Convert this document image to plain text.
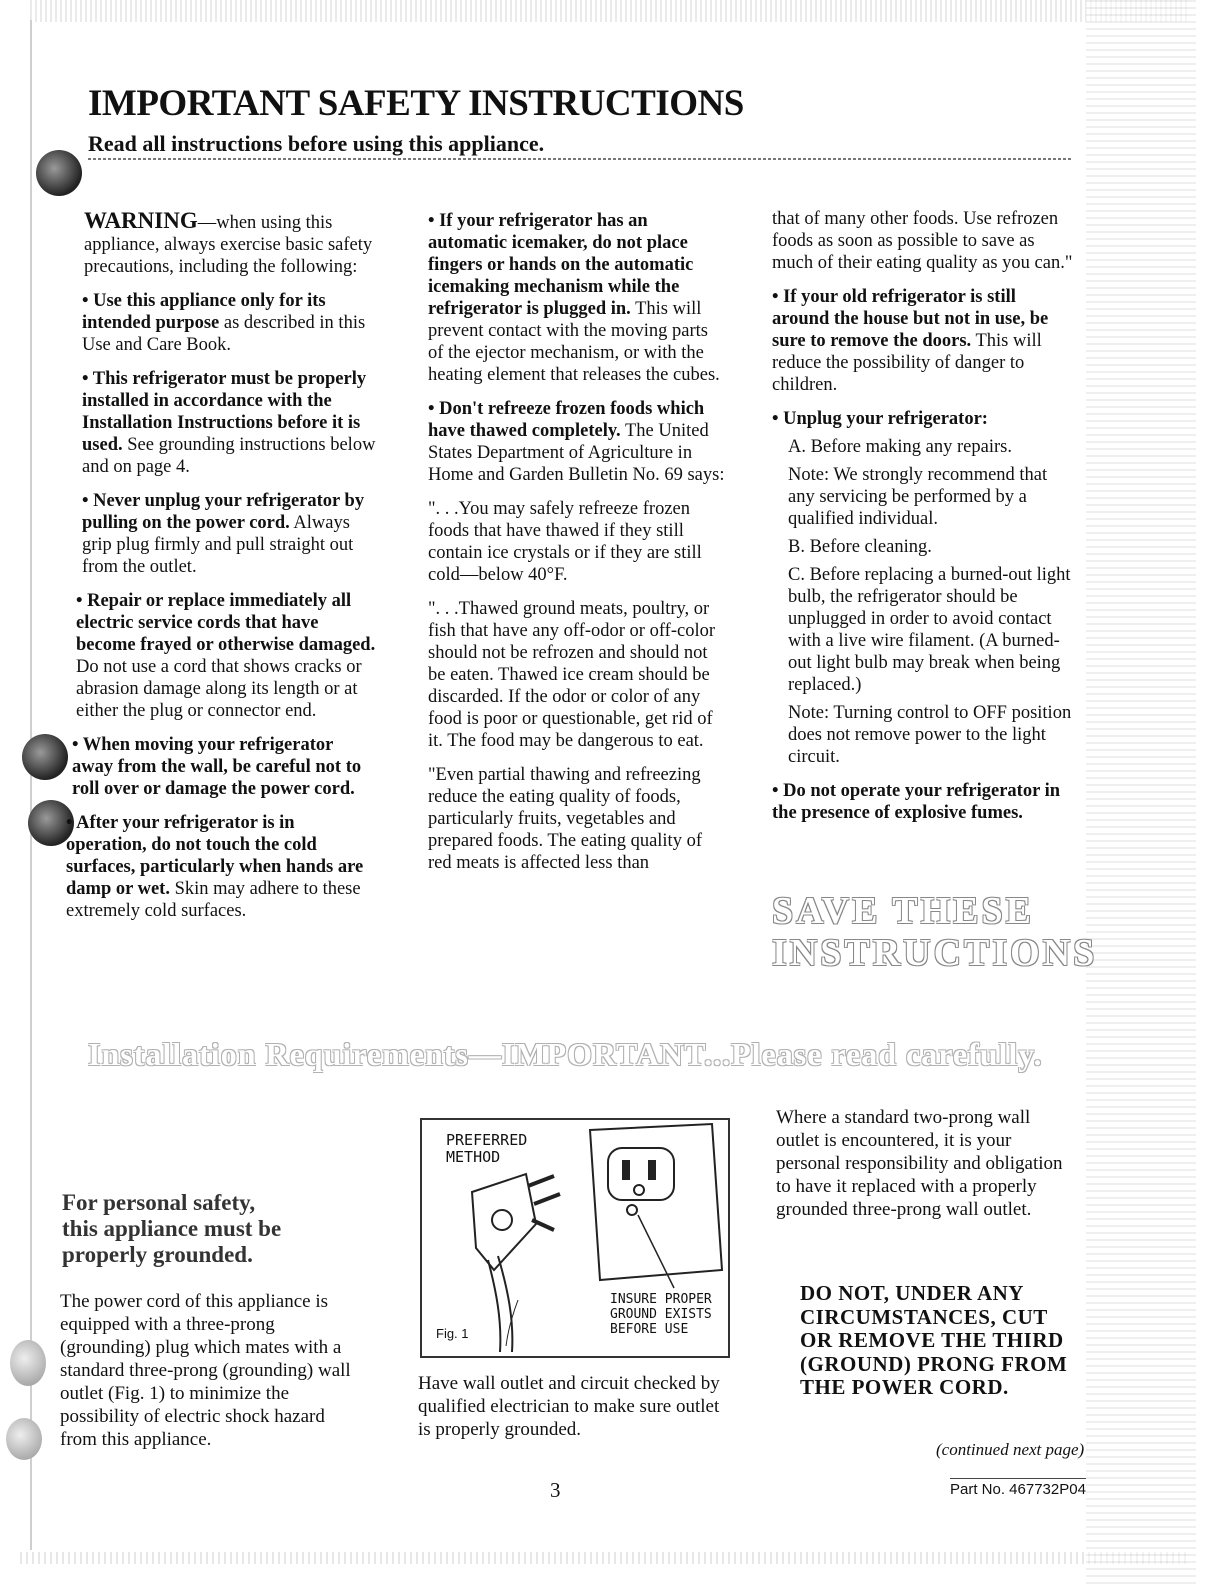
IMPORTANT SAFETY INSTRUCTIONS
Read all instructions before using this appliance.

WARNING—when using this appliance, always exercise basic safety precautions, including the following:

• Use this appliance only for its intended purpose as described in this Use and Care Book.

• This refrigerator must be properly installed in accordance with the Installation Instructions before it is used. See grounding instructions below and on page 4.

• Never unplug your refrigerator by pulling on the power cord. Always grip plug firmly and pull straight out from the outlet.

• Repair or replace immediately all electric service cords that have become frayed or otherwise damaged. Do not use a cord that shows cracks or abrasion damage along its length or at either the plug or connector end.

• When moving your refrigerator away from the wall, be careful not to roll over or damage the power cord.

• After your refrigerator is in operation, do not touch the cold surfaces, particularly when hands are damp or wet. Skin may adhere to these extremely cold surfaces.

• If your refrigerator has an automatic icemaker, do not place fingers or hands on the automatic icemaking mechanism while the refrigerator is plugged in. This will prevent contact with the moving parts of the ejector mechanism, or with the heating element that releases the cubes.

• Don't refreeze frozen foods which have thawed completely. The United States Department of Agriculture in Home and Garden Bulletin No. 69 says:

". . .You may safely refreeze frozen foods that have thawed if they still contain ice crystals or if they are still cold—below 40°F.

". . .Thawed ground meats, poultry, or fish that have any off-odor or off-color should not be refrozen and should not be eaten. Thawed ice cream should be discarded. If the odor or color of any food is poor or questionable, get rid of it. The food may be dangerous to eat.

"Even partial thawing and refreezing reduce the eating quality of foods, particularly fruits, vegetables and prepared foods. The eating quality of red meats is affected less than

that of many other foods. Use refrozen foods as soon as possible to save as much of their eating quality as you can."

• If your old refrigerator is still around the house but not in use, be sure to remove the doors. This will reduce the possibility of danger to children.

• Unplug your refrigerator:

A. Before making any repairs.

Note: We strongly recommend that any servicing be performed by a qualified individual.

B. Before cleaning.

C. Before replacing a burned-out light bulb, the refrigerator should be unplugged in order to avoid contact with a live wire filament. (A burned-out light bulb may break when being replaced.)

Note: Turning control to OFF position does not remove power to the light circuit.

• Do not operate your refrigerator in the presence of explosive fumes.

SAVE THESE
INSTRUCTIONS
Installation Requirements—IMPORTANT...Please read carefully.
For personal safety,
this appliance must be
properly grounded.
The power cord of this appliance is equipped with a three-prong (grounding) plug which mates with a standard three-prong (grounding) wall outlet (Fig. 1) to minimize the possibility of electric shock hazard from this appliance.
PREFERRED
METHOD
INSURE PROPER
GROUND EXISTS
BEFORE USE
Fig. 1
Have wall outlet and circuit checked by qualified electrician to make sure outlet is properly grounded.
Where a standard two-prong wall outlet is encountered, it is your personal responsibility and obligation to have it replaced with a properly grounded three-prong wall outlet.
DO NOT, UNDER ANY CIRCUMSTANCES, CUT OR REMOVE THE THIRD (GROUND) PRONG FROM THE POWER CORD.
(continued next page)
3	Part No. 467732P04
